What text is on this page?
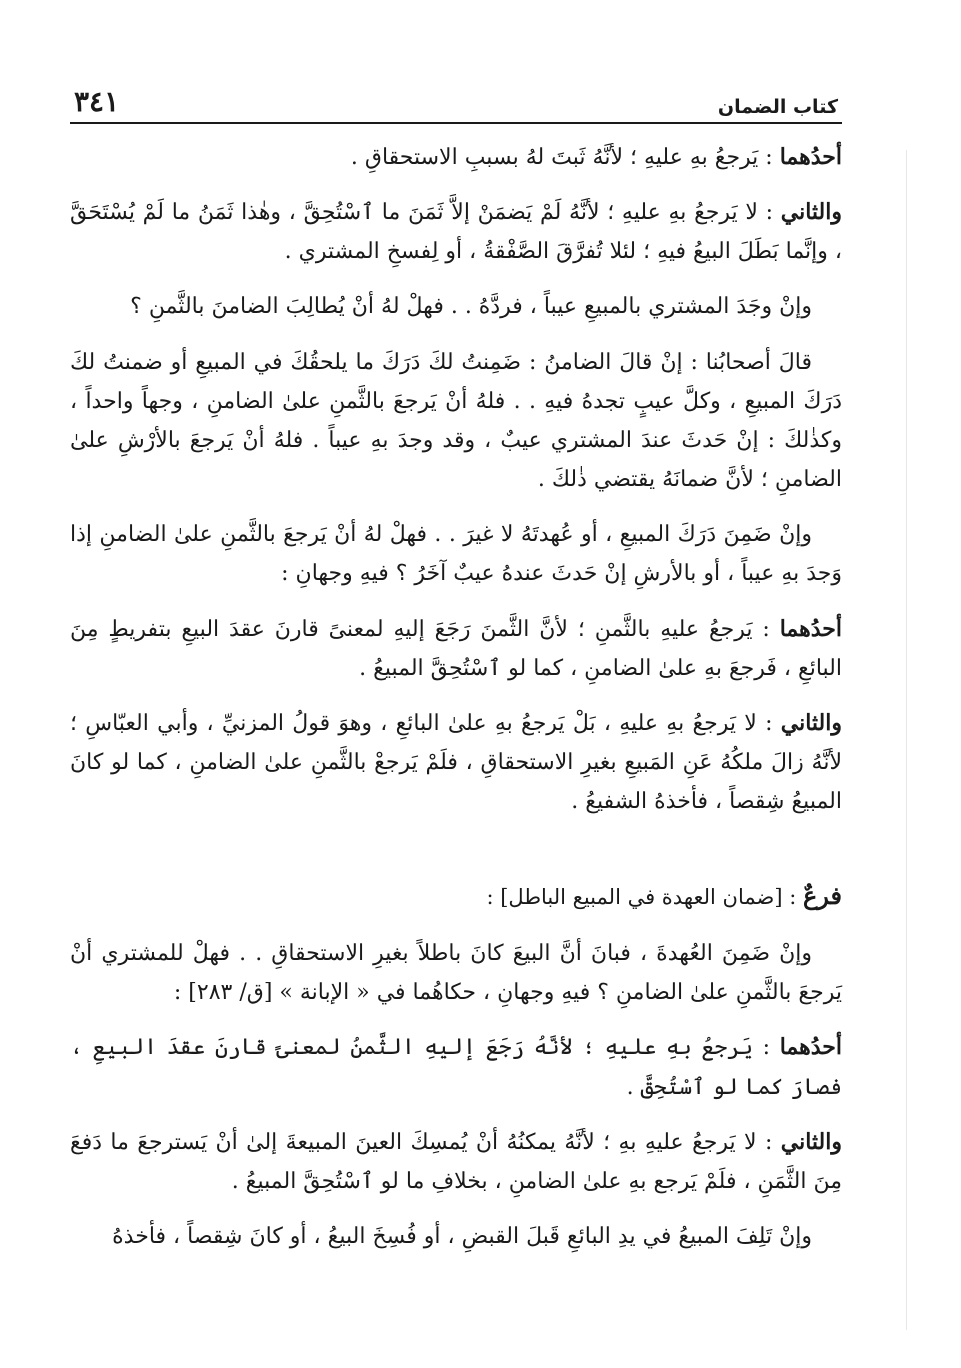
كتاب الضمان
٣٤١

أحدُهما : يَرجعُ بهِ عليهِ ؛ لأنَّهُ ثَبتَ لهُ بسببِ الاستحقاقِ .

والثاني : لا يَرجعُ بهِ عليهِ ؛ لأنَّهُ لَمْ يَضمَنْ إلاَّ ثَمَنَ ما ٱسْتُحِقَّ ، وهٰذا ثَمَنُ ما لَمْ يُسْتَحَقَّ ، وإنَّما بَطَلَ البيعُ فيهِ ؛ لئلا تُفرَّقَ الصَّفْقةُ ، أو لِفسخِ المشتري .

وإنْ وجَدَ المشتري بالمبيعِ عيباً ، فردَّهُ . . فهلْ لهُ أنْ يُطالِبَ الضامنَ بالثَّمنِ ؟

قالَ أصحابُنا : إنْ قالَ الضامنُ : ضَمِنتُ لكَ دَرَكَ ما يلحقُكَ في المبيعِ أو ضمنتُ لكَ دَرَكَ المبيعِ ، وكلَّ عيبٍ تجدهُ فيهِ . . فلهُ أنْ يَرجعَ بالثَّمنِ علىٰ الضامنِ ، وجهاً واحداً ، وكذٰلكَ : إنْ حَدثَ عندَ المشتري عيبٌ ، وقد وجدَ بهِ عيباً . فلهُ أنْ يَرجعَ بالأرْشِ علىٰ الضامنِ ؛ لأنَّ ضمانَهُ يقتضي ذٰلكَ .

وإنْ ضَمِنَ دَرَكَ المبيعِ ، أو عُهدتَهُ لا غيرَ . . فهلْ لهُ أنْ يَرجعَ بالثَّمنِ علىٰ الضامنِ إذا وَجدَ بهِ عيباً ، أو بالأرشِ إنْ حَدثَ عندهُ عيبٌ آخَرُ ؟ فيهِ وجهانِ :

أحدُهما : يَرجعُ عليهِ بالثَّمنِ ؛ لأنَّ الثَّمنَ رَجَعَ إليهِ لمعنىً قارنَ عقدَ البيعِ بتفريطٍ مِنَ البائعِ ، فَرجعَ بهِ علىٰ الضامنِ ، كما لو ٱسْتُحِقَّ المبيعُ .

والثاني : لا يَرجعُ بهِ عليهِ ، بَلْ يَرجعُ بهِ علىٰ البائعِ ، وهوَ قولُ المزنيِّ ، وأبي العبّاسِ ؛ لأنَّهُ زالَ ملكُهُ عَنِ المَبيعِ بغيرِ الاستحقاقِ ، فلَمْ يَرجعْ بالثَّمنِ علىٰ الضامنِ ، كما لو كانَ المبيعُ شِقصاً ، فأخذهُ الشفيعُ .

فرعٌ : [ضمان العهدة في المبيع الباطل] :

وإنْ ضَمِنَ العُهدةَ ، فبانَ أنَّ البيعَ كانَ باطلاً بغيرِ الاستحقاقِ . . فهلْ للمشتري أنْ يَرجعَ بالثَّمنِ علىٰ الضامنِ ؟ فيهِ وجهانِ ، حكاهُما في « الإبانة » [ق/ ٢٨٣] :

أحدُهما : يَرجعُ بهِ عليهِ ؛ لأنَّهُ رَجَعَ إليهِ الثَّمنُ لمعنىً قارنَ عقدَ البيعِ ، فصارَ كما لو ٱسْتُحِقَّ .

والثاني : لا يَرجعُ عليهِ بهِ ؛ لأنَّهُ يمكنُهُ أنْ يُمسِكَ العينَ المبيعةَ إلىٰ أنْ يَسترجعَ ما دَفعَ مِنَ الثَّمَنِ ، فلَمْ يَرجع بهِ علىٰ الضامنِ ، بخلافِ ما لو ٱسْتُحِقَّ المبيعُ .

وإنْ تَلِفَ المبيعُ في يدِ البائعِ قَبلَ القبضِ ، أو فُسِخَ البيعُ ، أو كانَ شِقصاً ، فأخذهُ
